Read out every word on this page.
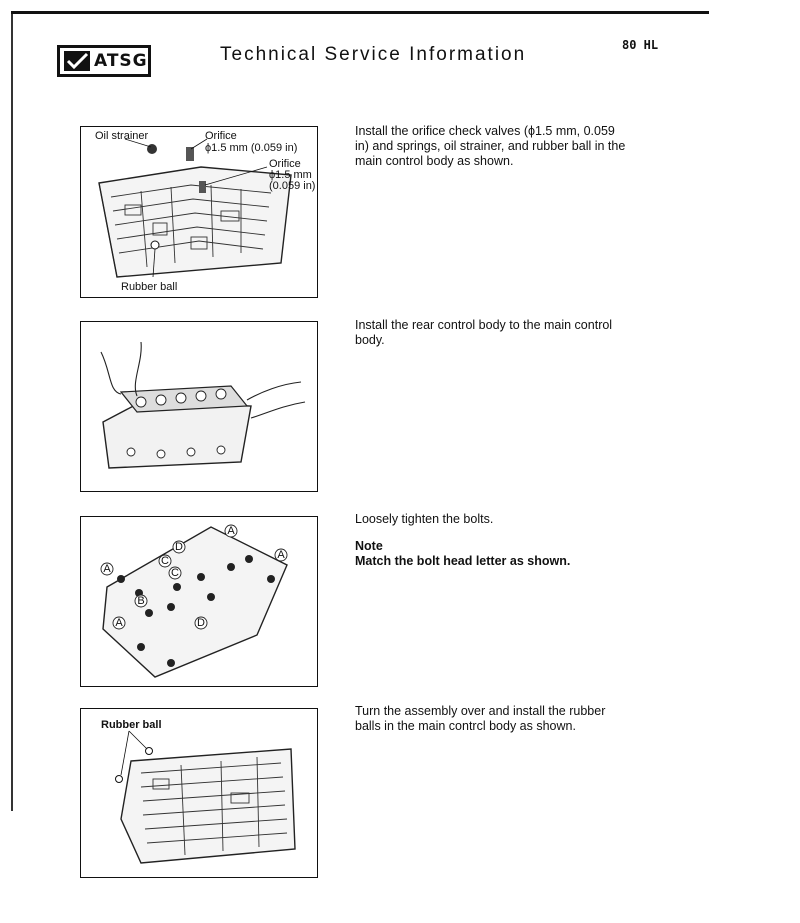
ATSG	Technical Service Information	80 HL
Oil strainer	Orifice
ϕ1.5 mm (0.059 in)
Orifice
ϕ1.5 mm
(0.059 in)
Rubber ball

Install the orifice check valves (ϕ1.5 mm, 0.059 in) and springs, oil strainer, and rubber ball in the main control body as shown.

Install the rear control body to the main control body.

A
A
A
C
C
B
D
A	D

Loosely tighten the bolts.

Note

Match the bolt head letter as shown.

Rubber ball

Turn the assembly over and install the rubber balls in the main contrcl body as shown.
